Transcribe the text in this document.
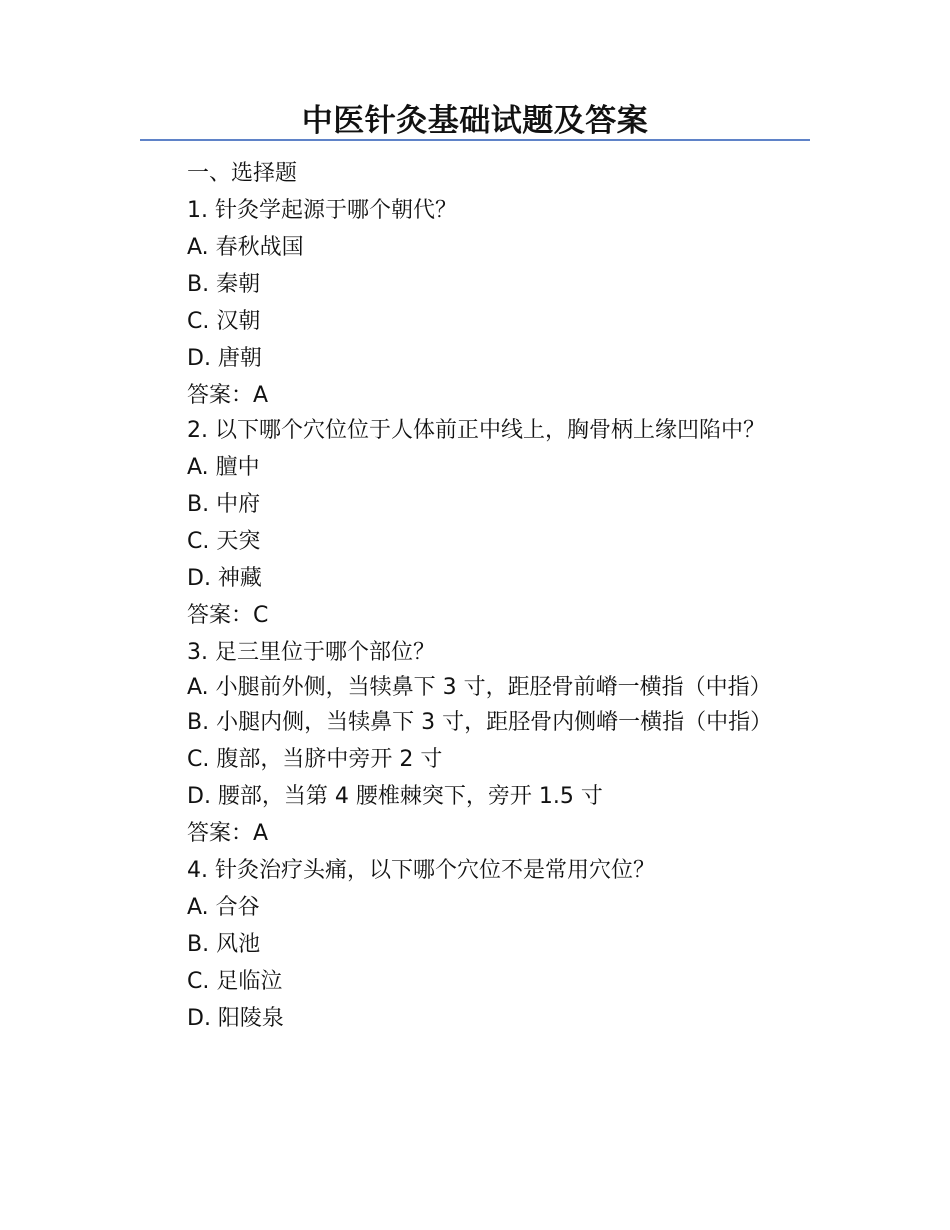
中医针灸基础试题及答案
一、选择题
1. 针灸学起源于哪个朝代？
A. 春秋战国
B. 秦朝
C. 汉朝
D. 唐朝
答案：A
2. 以下哪个穴位位于人体前正中线上，胸骨柄上缘凹陷中？
A. 膻中
B. 中府
C. 天突
D. 神藏
答案：C
3. 足三里位于哪个部位？
A. 小腿前外侧，当犊鼻下 3 寸，距胫骨前嵴一横指（中指）
B. 小腿内侧，当犊鼻下 3 寸，距胫骨内侧嵴一横指（中指）
C. 腹部，当脐中旁开 2 寸
D. 腰部，当第 4 腰椎棘突下，旁开 1.5 寸
答案：A
4. 针灸治疗头痛，以下哪个穴位不是常用穴位？
A. 合谷
B. 风池
C. 足临泣
D. 阳陵泉
